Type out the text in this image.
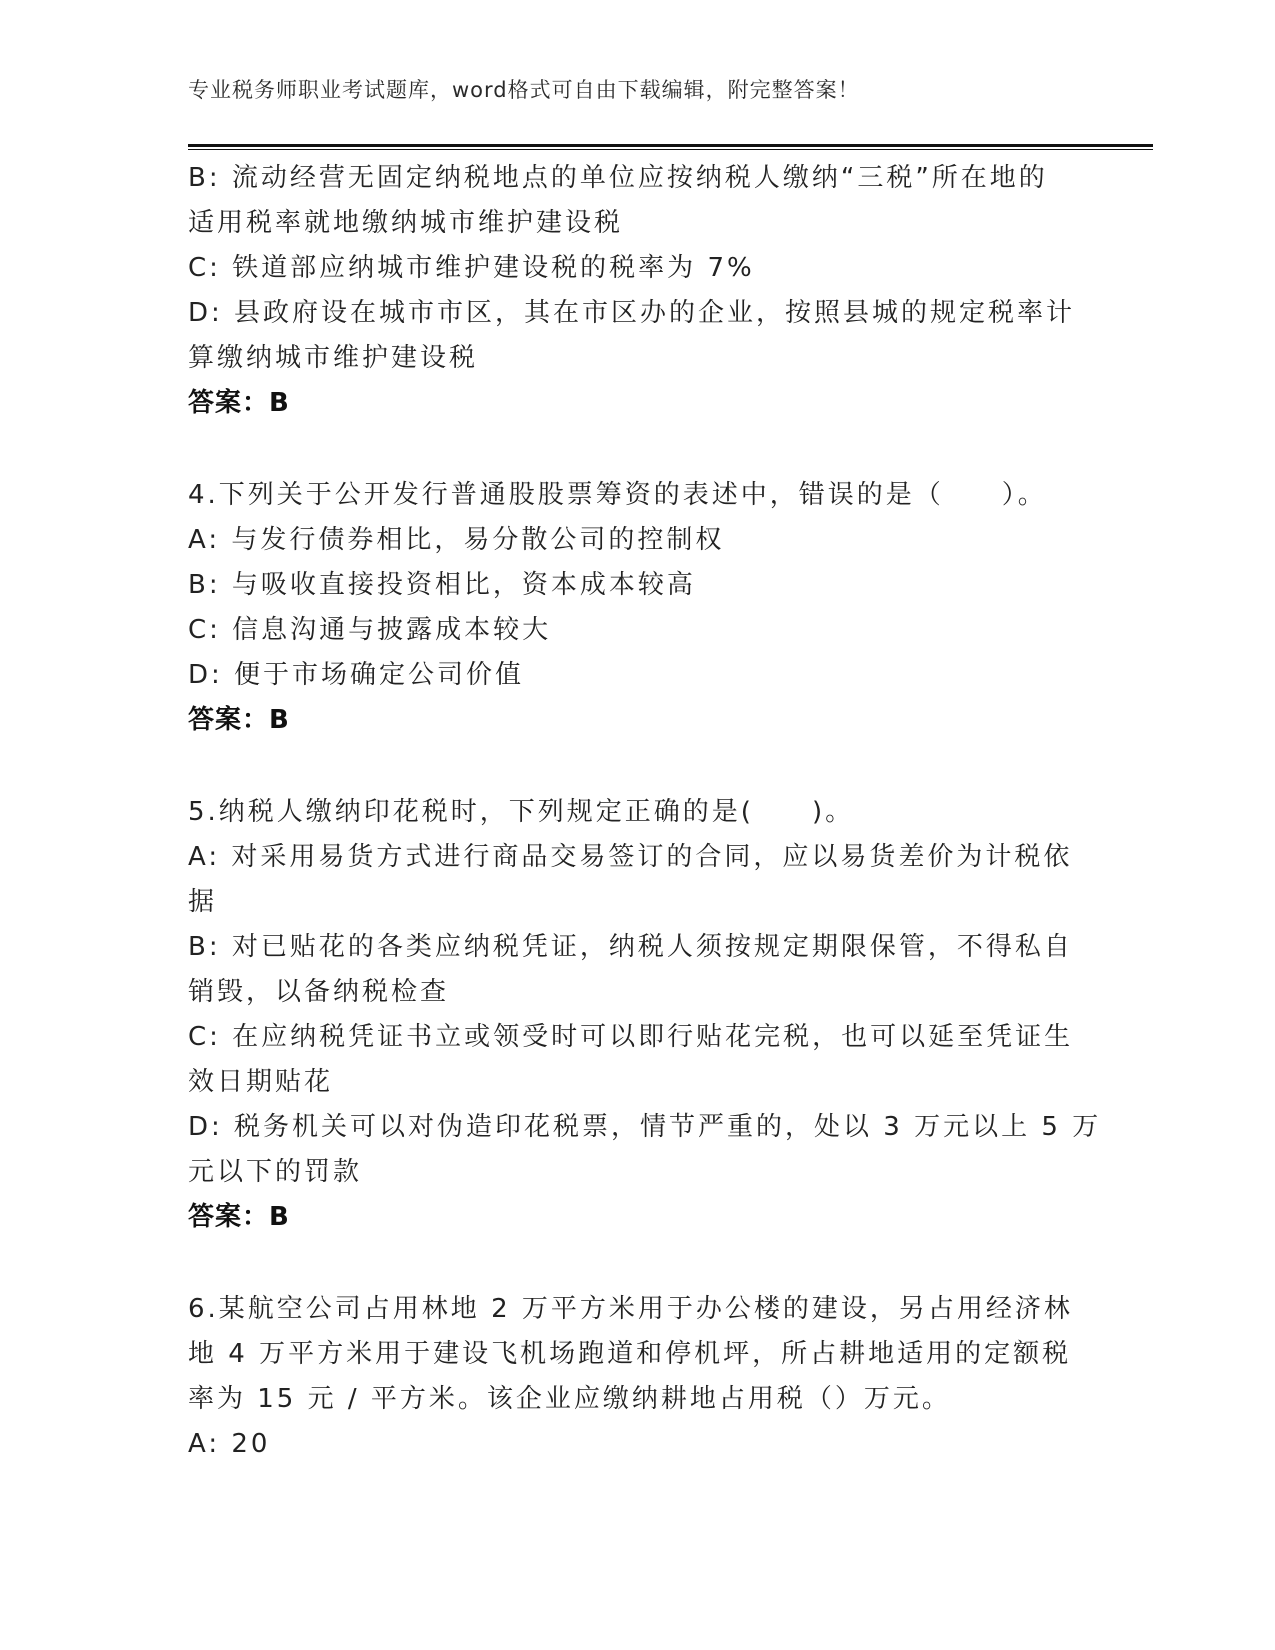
专业税务师职业考试题库，word格式可自由下载编辑，附完整答案！
B: 流动经营无固定纳税地点的单位应按纳税人缴纳“三税”所在地的
适用税率就地缴纳城市维护建设税
C: 铁道部应纳城市维护建设税的税率为 7%
D: 县政府设在城市市区，其在市区办的企业，按照县城的规定税率计
算缴纳城市维护建设税
答案：B
4.下列关于公开发行普通股股票筹资的表述中，错误的是（　　）。
A: 与发行债券相比，易分散公司的控制权
B: 与吸收直接投资相比，资本成本较高
C: 信息沟通与披露成本较大
D: 便于市场确定公司价值
答案：B
5.纳税人缴纳印花税时，下列规定正确的是(　　)。
A: 对采用易货方式进行商品交易签订的合同，应以易货差价为计税依
据
B: 对已贴花的各类应纳税凭证，纳税人须按规定期限保管，不得私自
销毁，以备纳税检查
C: 在应纳税凭证书立或领受时可以即行贴花完税，也可以延至凭证生
效日期贴花
D: 税务机关可以对伪造印花税票，情节严重的，处以 3 万元以上 5 万
元以下的罚款
答案：B
6.某航空公司占用林地 2 万平方米用于办公楼的建设，另占用经济林
地 4 万平方米用于建设飞机场跑道和停机坪，所占耕地适用的定额税
率为 15 元 / 平方米。该企业应缴纳耕地占用税（）万元。
A: 20
